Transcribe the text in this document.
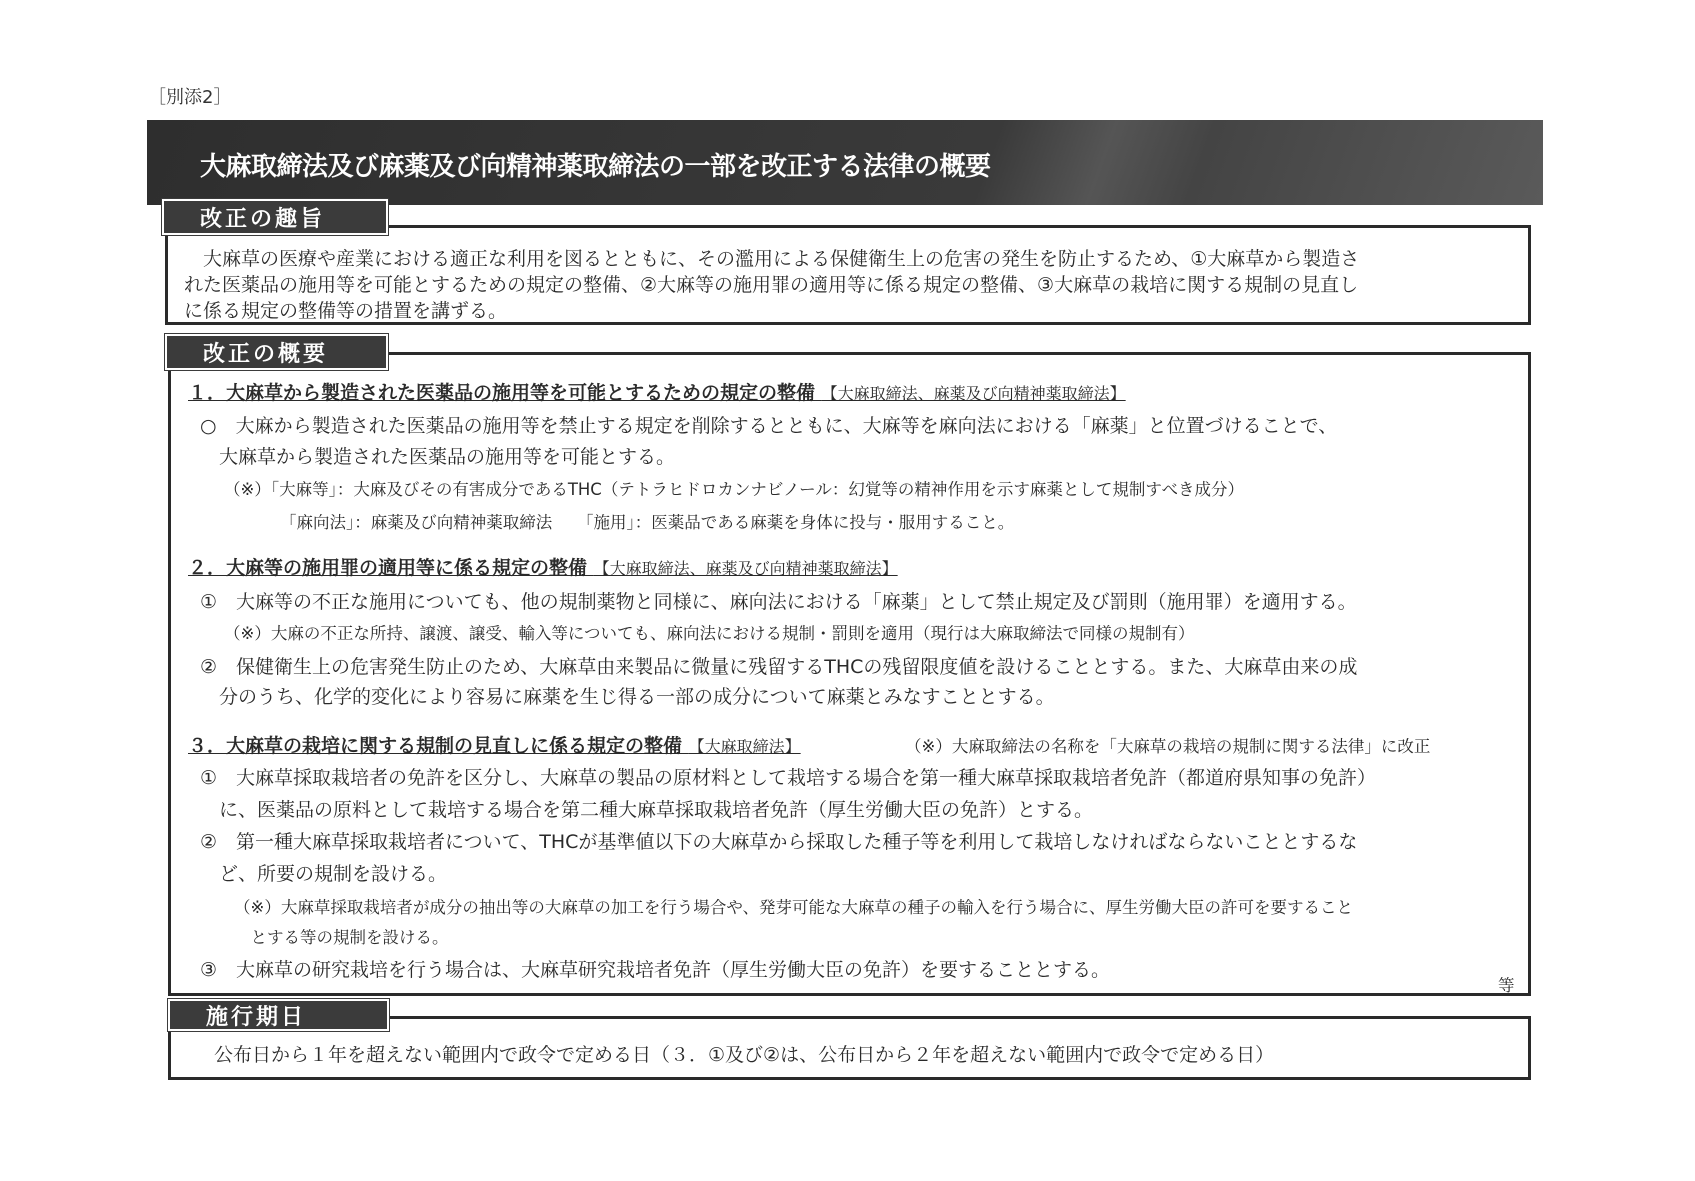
［別添2］
大麻取締法及び麻薬及び向精神薬取締法の一部を改正する法律の概要
改正の趣旨
　大麻草の医療や産業における適正な利用を図るとともに、その濫用による保健衛生上の危害の発生を防止するため、①大麻草から製造さ
れた医薬品の施用等を可能とするための規定の整備、②大麻等の施用罪の適用等に係る規定の整備、③大麻草の栽培に関する規制の見直し
に係る規定の整備等の措置を講ずる。
改正の概要
１．大麻草から製造された医薬品の施用等を可能とするための規定の整備 【大麻取締法、麻薬及び向精神薬取締法】
○　大麻から製造された医薬品の施用等を禁止する規定を削除するとともに、大麻等を麻向法における「麻薬」と位置づけることで、
　大麻草から製造された医薬品の施用等を可能とする。
（※）「大麻等」：大麻及びその有害成分であるTHC（テトラヒドロカンナビノール：幻覚等の精神作用を示す麻薬として規制すべき成分）
「麻向法」：麻薬及び向精神薬取締法　　「施用」：医薬品である麻薬を身体に投与・服用すること。
２．大麻等の施用罪の適用等に係る規定の整備 【大麻取締法、麻薬及び向精神薬取締法】
①　大麻等の不正な施用についても、他の規制薬物と同様に、麻向法における「麻薬」として禁止規定及び罰則（施用罪）を適用する。
（※）大麻の不正な所持、譲渡、譲受、輸入等についても、麻向法における規制・罰則を適用（現行は大麻取締法で同様の規制有）
②　保健衛生上の危害発生防止のため、大麻草由来製品に微量に残留するTHCの残留限度値を設けることとする。また、大麻草由来の成
　分のうち、化学的変化により容易に麻薬を生じ得る一部の成分について麻薬とみなすこととする。
３．大麻草の栽培に関する規制の見直しに係る規定の整備 【大麻取締法】	（※）大麻取締法の名称を「大麻草の栽培の規制に関する法律」に改正
①　大麻草採取栽培者の免許を区分し、大麻草の製品の原材料として栽培する場合を第一種大麻草採取栽培者免許（都道府県知事の免許）
　に、医薬品の原料として栽培する場合を第二種大麻草採取栽培者免許（厚生労働大臣の免許）とする。
②　第一種大麻草採取栽培者について、THCが基準値以下の大麻草から採取した種子等を利用して栽培しなければならないこととするな
　ど、所要の規制を設ける。
（※）大麻草採取栽培者が成分の抽出等の大麻草の加工を行う場合や、発芽可能な大麻草の種子の輸入を行う場合に、厚生労働大臣の許可を要すること
　とする等の規制を設ける。
③　大麻草の研究栽培を行う場合は、大麻草研究栽培者免許（厚生労働大臣の免許）を要することとする。
等
施行期日
公布日から１年を超えない範囲内で政令で定める日（３．①及び②は、公布日から２年を超えない範囲内で政令で定める日）
